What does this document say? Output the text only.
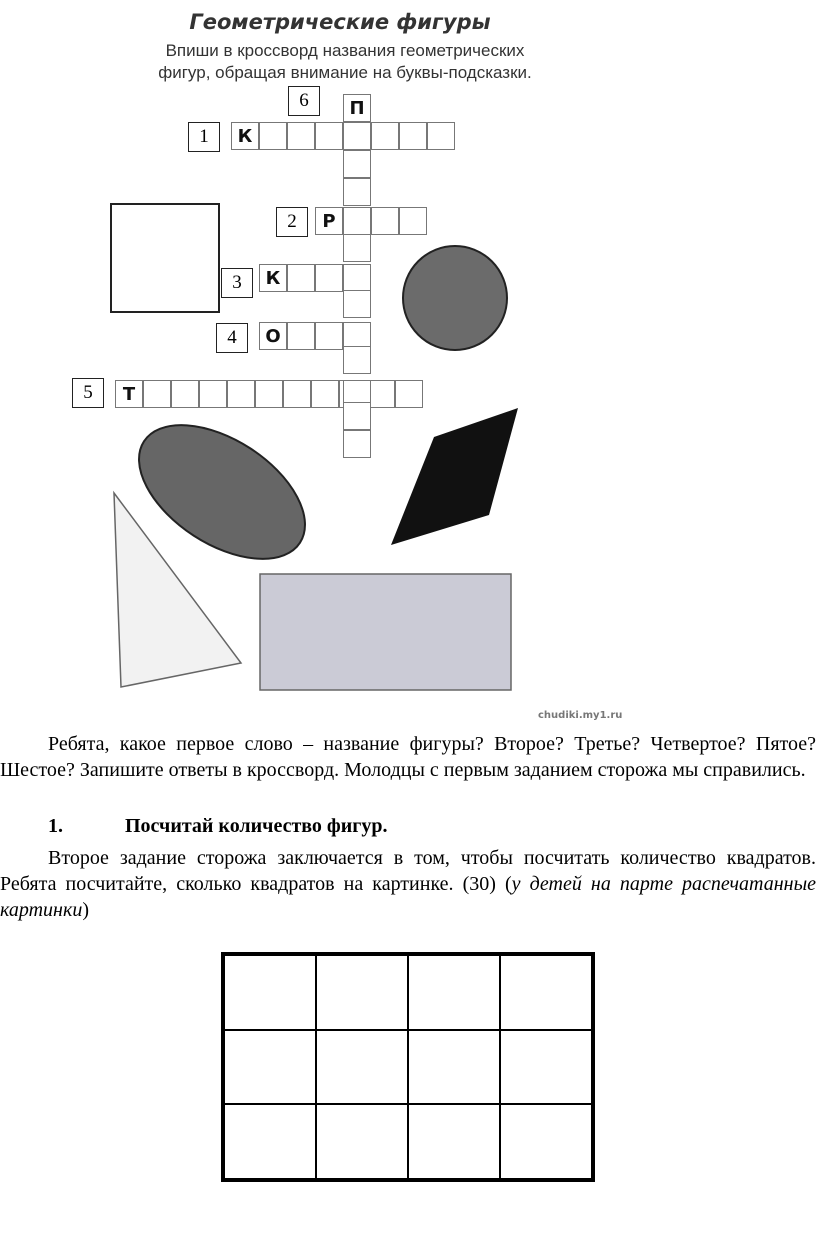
Геометрические фигуры
Впиши в кроссворд названия геометрических
фигур, обращая внимание на буквы-подсказки.
6
1
2
3
4
5
К
Р
К
О
Т
П
chudiki.my1.ru
Ребята, какое первое слово – название фигуры? Второе? Третье? Четвертое? Пятое? Шестое? Запишите ответы в кроссворд. Молодцы с первым заданием сторожа мы справились.
1.	Посчитай количество фигур.
Второе задание сторожа заключается в том, чтобы посчитать количество квадратов. Ребята посчитайте, сколько квадратов на картинке. (30) (у детей на парте распечатанные картинки)
